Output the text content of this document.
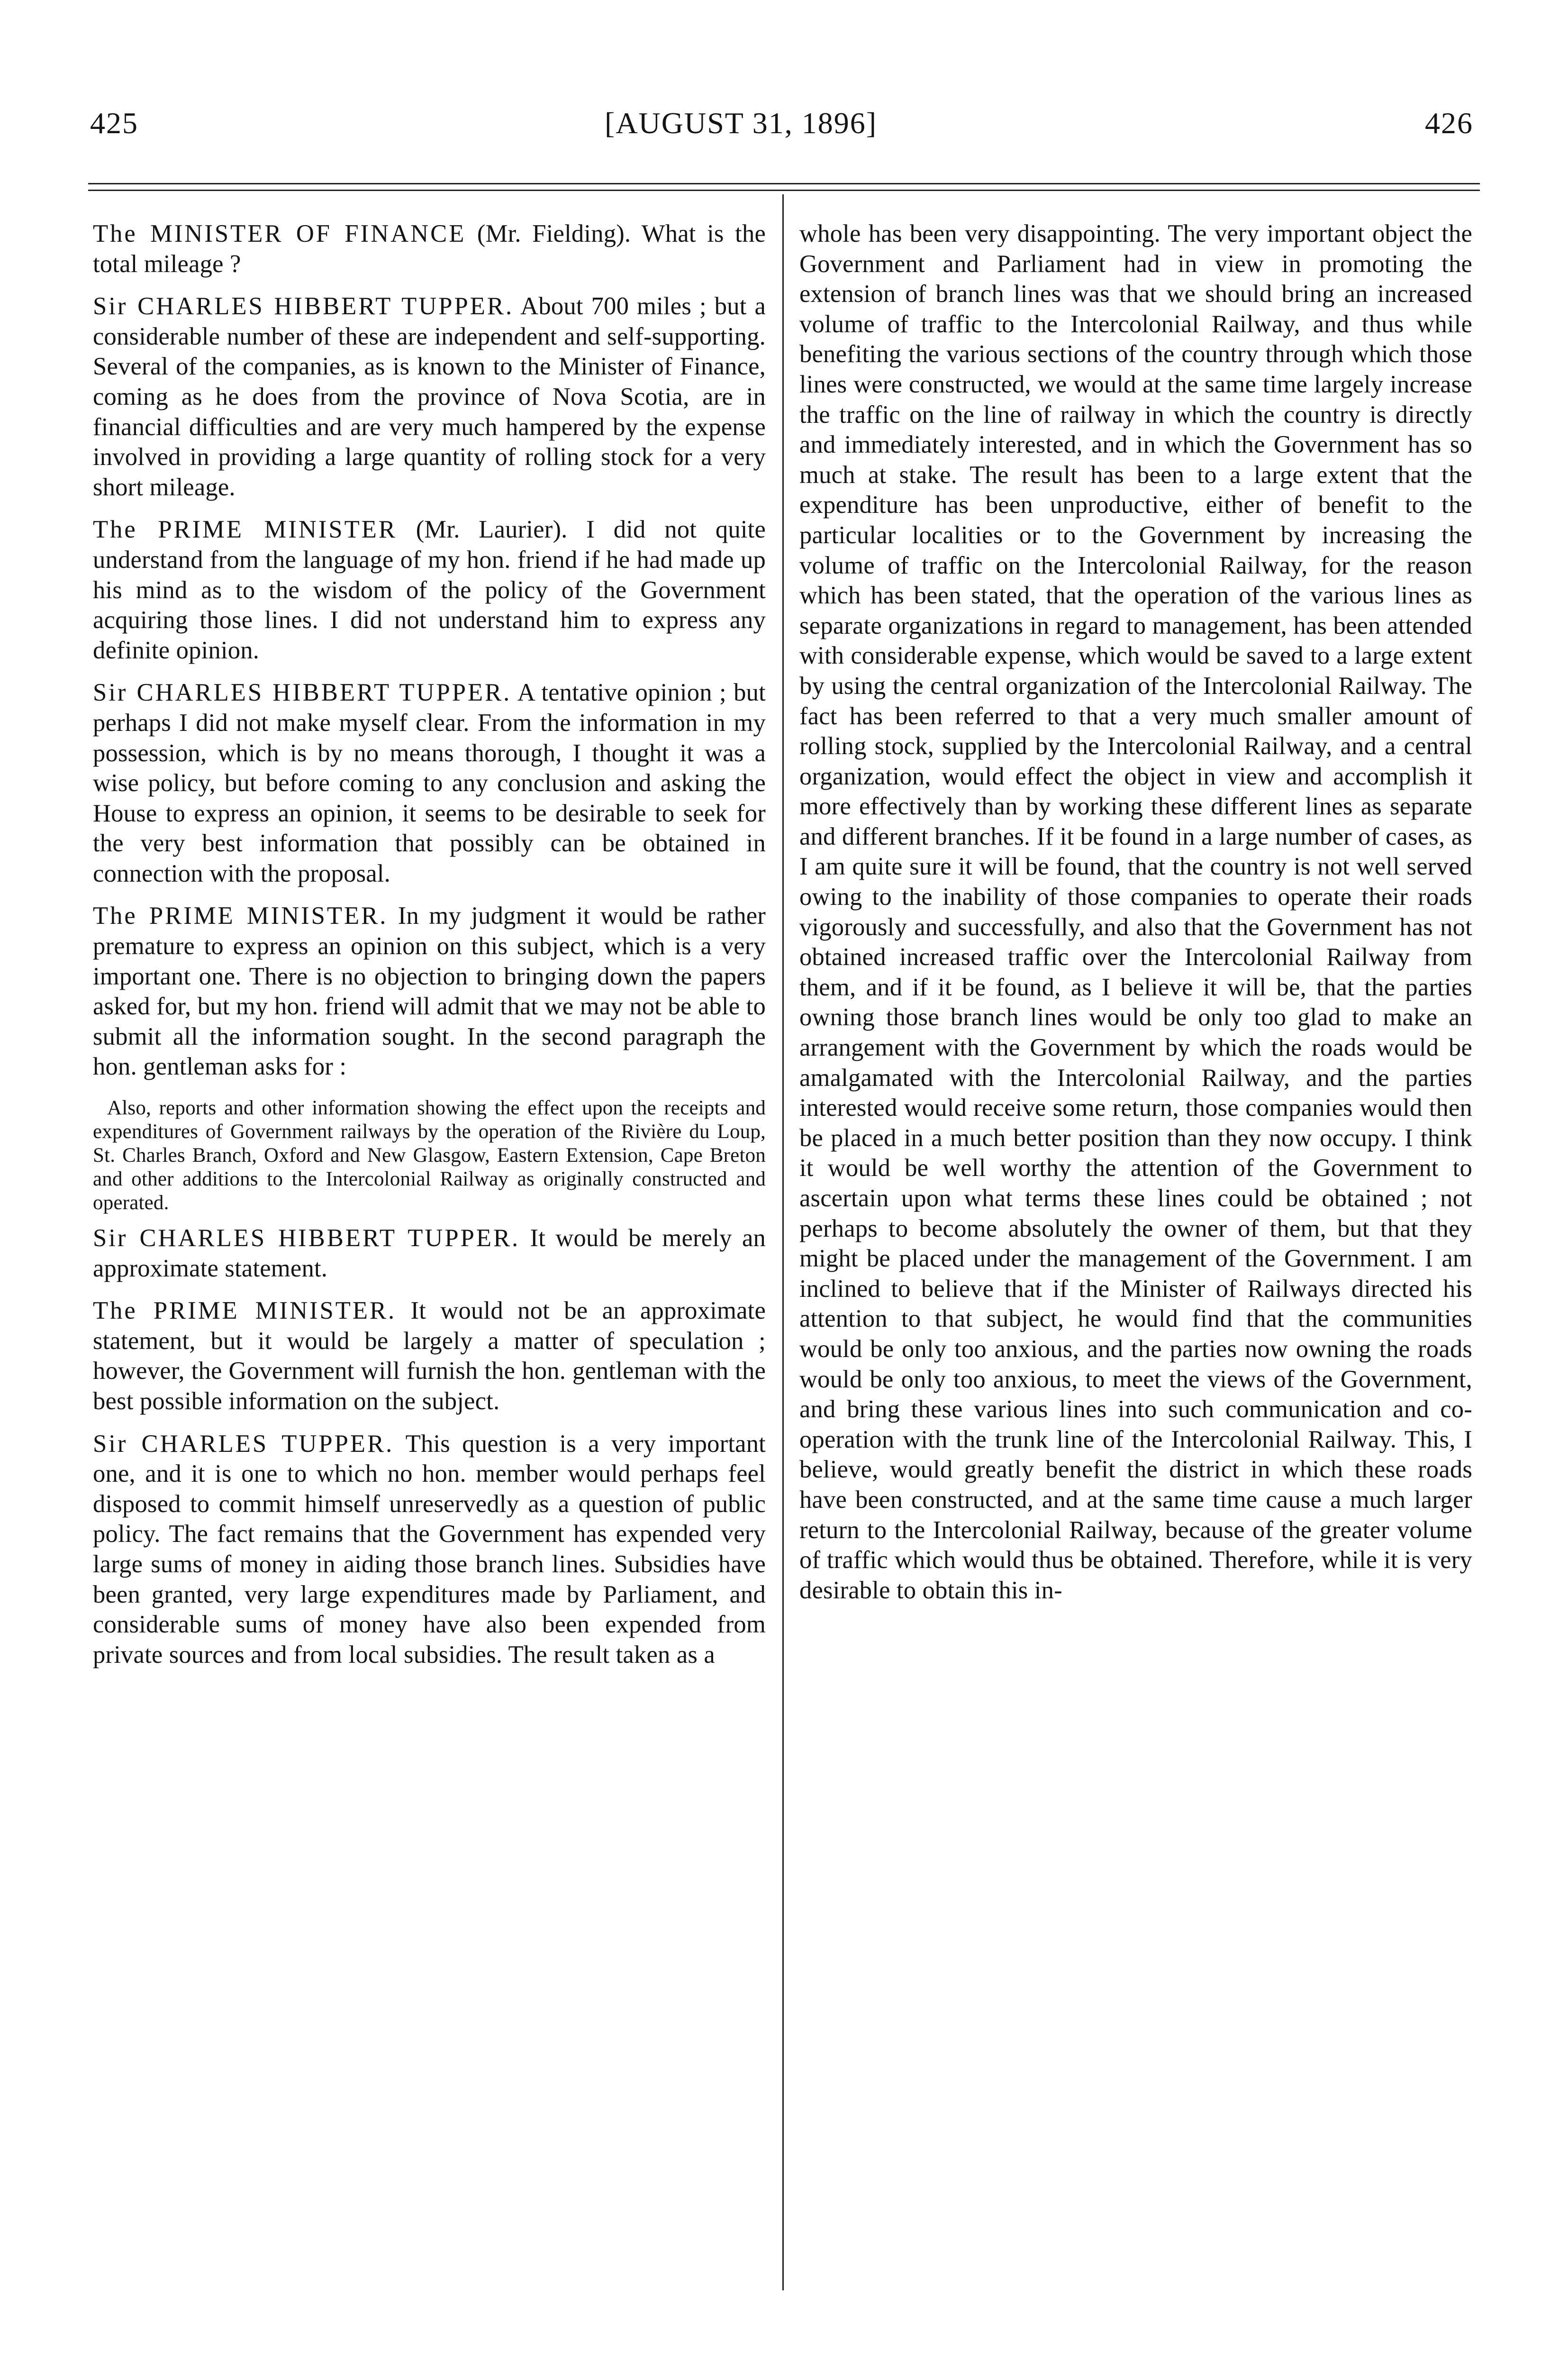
425	[AUGUST 31, 1896]	426

The MINISTER OF FINANCE (Mr. Fielding). What is the total mileage ?

Sir CHARLES HIBBERT TUPPER. About 700 miles ; but a considerable number of these are independent and self-supporting. Several of the companies, as is known to the Minister of Finance, coming as he does from the province of Nova Scotia, are in financial difficulties and are very much hampered by the expense involved in providing a large quantity of rolling stock for a very short mileage.

The PRIME MINISTER (Mr. Laurier). I did not quite understand from the language of my hon. friend if he had made up his mind as to the wisdom of the policy of the Government acquiring those lines. I did not understand him to express any definite opinion.

Sir CHARLES HIBBERT TUPPER. A tentative opinion ; but perhaps I did not make myself clear. From the information in my possession, which is by no means thorough, I thought it was a wise policy, but before coming to any conclusion and asking the House to express an opinion, it seems to be desirable to seek for the very best information that possibly can be obtained in connection with the proposal.

The PRIME MINISTER. In my judgment it would be rather premature to express an opinion on this subject, which is a very important one. There is no objection to bringing down the papers asked for, but my hon. friend will admit that we may not be able to submit all the information sought. In the second paragraph the hon. gentleman asks for :

Also, reports and other information showing the effect upon the receipts and expenditures of Government railways by the operation of the Rivière du Loup, St. Charles Branch, Oxford and New Glasgow, Eastern Extension, Cape Breton and other additions to the Intercolonial Railway as originally constructed and operated.

Sir CHARLES HIBBERT TUPPER. It would be merely an approximate statement.

The PRIME MINISTER. It would not be an approximate statement, but it would be largely a matter of speculation ; however, the Government will furnish the hon. gentleman with the best possible information on the subject.

Sir CHARLES TUPPER. This question is a very important one, and it is one to which no hon. member would perhaps feel disposed to commit himself unreservedly as a question of public policy. The fact remains that the Government has expended very large sums of money in aiding those branch lines. Subsidies have been granted, very large expenditures made by Parliament, and considerable sums of money have also been expended from private sources and from local subsidies. The result taken as a

whole has been very disappointing. The very important object the Government and Parliament had in view in promoting the extension of branch lines was that we should bring an increased volume of traffic to the Intercolonial Railway, and thus while benefiting the various sections of the country through which those lines were constructed, we would at the same time largely increase the traffic on the line of railway in which the country is directly and immediately interested, and in which the Government has so much at stake. The result has been to a large extent that the expenditure has been unproductive, either of benefit to the particular localities or to the Government by increasing the volume of traffic on the Intercolonial Railway, for the reason which has been stated, that the operation of the various lines as separate organizations in regard to management, has been attended with considerable expense, which would be saved to a large extent by using the central organization of the Intercolonial Railway. The fact has been referred to that a very much smaller amount of rolling stock, supplied by the Intercolonial Railway, and a central organization, would effect the object in view and accomplish it more effectively than by working these different lines as separate and different branches. If it be found in a large number of cases, as I am quite sure it will be found, that the country is not well served owing to the inability of those companies to operate their roads vigorously and successfully, and also that the Government has not obtained increased traffic over the Intercolonial Railway from them, and if it be found, as I believe it will be, that the parties owning those branch lines would be only too glad to make an arrangement with the Government by which the roads would be amalgamated with the Intercolonial Railway, and the parties interested would receive some return, those companies would then be placed in a much better position than they now occupy. I think it would be well worthy the attention of the Government to ascertain upon what terms these lines could be obtained ; not perhaps to become absolutely the owner of them, but that they might be placed under the management of the Government. I am inclined to believe that if the Minister of Railways directed his attention to that subject, he would find that the communities would be only too anxious, and the parties now owning the roads would be only too anxious, to meet the views of the Government, and bring these various lines into such communication and co-operation with the trunk line of the Intercolonial Railway. This, I believe, would greatly benefit the district in which these roads have been constructed, and at the same time cause a much larger return to the Intercolonial Railway, because of the greater volume of traffic which would thus be obtained. Therefore, while it is very desirable to obtain this in-
